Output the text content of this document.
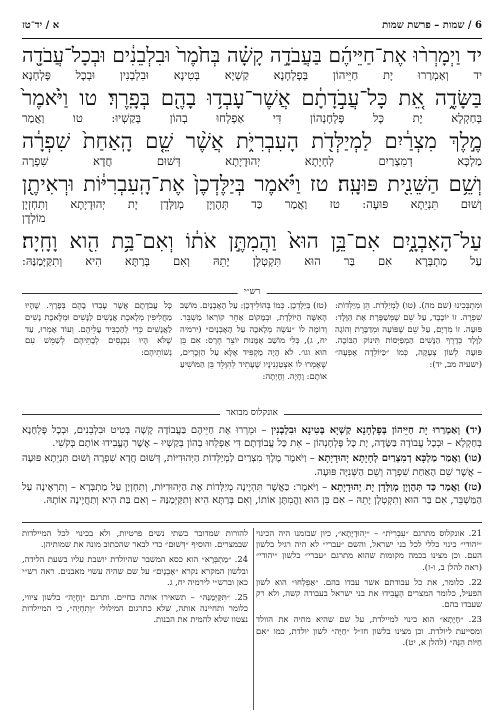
6 / שמות – פרשת שמות
א / יד־טז

יד וַיְמָרְר֨וּ אֶת־חַיֵּיהֶ֜ם בַּעֲבֹדָ֣ה קָשָׁ֗ה בְּחֹ֙מֶר֙ וּבִלְבֵנִ֔ים וּבְכָל־עֲבֹדָ֖ה

יד וְאַמְרַרוּ יָת חַיֵּיהוֹן בְּפָלְחָנָא קַשְׁיָא בְּטִינָא וּבִלְבְנִין וּבְכָל פָּלְחָנָא

בַּשָּׂדֶ֑ה אֵ֚ת כָּל־עֲבֹ֣דָתָ֔ם אֲשֶׁר־עָבְד֥וּ בָהֶ֖ם בְּפָֽרֶךְ׃ טו וַיֹּ֙אמֶר֙

בְּחַקְלָא יָת כָּל פָּלְחָנְהוֹן דִּי אַפְלְחוּ בְהוֹן בְּקַשְׁיוּ: טו וַאֲמַר

מֶ֣לֶךְ מִצְרַ֔יִם לַמְיַלְּדֹ֖ת הָעִבְרִיֹּ֑ת אֲשֶׁ֨ר שֵׁ֤ם הָֽאַחַת֙ שִׁפְרָ֔ה

מַלְכָּא דְמִצְרַיִם לְחָיָתָא יְהוּדָיָתָא דְּשׁוּם חֲדָא שִׁפְרָה

וְשֵׁ֥ם הַשֵּׁנִ֖ית פּוּעָֽה׃ טז וַיֹּ֗אמֶר בְּיַלֶּדְכֶן֙ אֶת־הָֽעִבְרִיּ֔וֹת וּרְאִיתֶ֖ן

וְשׁוּם תִּנְיֵתָא פּוּעָה: טז וַאֲמַר כַּד תְּהֶוְיָן מְוַלְּדָן יָת יְהוּדָיָתָא וְתִחְזְיָן

מוֹלְדָן

עַל־הָאָבְנָ֑יִם אִם־בֵּ֥ן הוּא֙ וַהֲמִתֶּ֣ן אֹת֔וֹ וְאִם־בַּ֥ת הִ֖וא וָחָֽיָה׃

עַל מַתְבְּרָא אִם בַּר הוּא תִּקְטְלָן יָתֵהּ וְאִם בְּרַתָּא הִיא וְתִקַּיְּמַנַּהּ:

רש״י
וּמִתְבְּכִינוּ (שם מה). (טו) לַמְיַלְּדֹת. הֵן מְיַלְּדוֹת: שִׁפְרָה. זוֹ יוֹכֶבֶד, עַל שֵׁם שֶׁמְּשַׁפֶּרֶת אֶת הַוָּלָד: פּוּעָה. זוֹ מִרְיָם, עַל שֵׁם שֶׁפּוֹעָה וּמְדַבֶּרֶת וְהוֹגָה לַוָּלָד כְּדֶרֶךְ הַנָּשִׁים הַמְפַיְּסוֹת תִּינוֹק הַבּוֹכֶה. פּוּעָה לְשׁוֹן צְעָקָה, כְּמוֹ ״כַּיּוֹלֵדָה אֶפְעֶה״ (ישעיה מב, יד):
(טז) בְּיַלֶּדְכֶן. כְּמוֹ בְּהוֹלִידְכֶן: עַל הָאָבְנָיִם. מוֹשַׁב הָאִשָּׁה הַיּוֹלֶדֶת, וּבְמָקוֹם אַחֵר קוֹרְאוֹ מַשְׁבֵּר. וְדוֹמֶה לוֹ ״עֹשֶׂה מְלָאכָה עַל הָאָבְנָיִם״ (ירמיה יח, ג), כְּלִי מוֹשַׁב אֻמָּנוּת יוֹצֵר חֶרֶס: אִם בֵּן הוּא וגו׳. לֹא הָיָה מַקְפִּיד אֶלָּא עַל הַזְּכָרִים, שֶׁאָמְרוּ לוֹ אִצְטַגְנִינָיו שֶׁעָתִיד לְהִוָּלֵד בֵּן הַמּוֹשִׁיעַ אוֹתָם: וָחָיָה. וְחָיְתָה:
כָּל עֲבֹדָתָם אֲשֶׁר עָבְדוּ בָהֶם בְּפָרֶךְ. שֶׁהָיוּ מַחֲלִיפִין מְלֶאכֶת אֲנָשִׁים לַנָּשִׁים וּמְלֶאכֶת נָשִׁים לַאֲנָשִׁים כְּדֵי לְהַכְבִּיד עֲלֵיהֶם. וְעוֹד אָמְרוּ, עַד שֶׁלֹּא הָיוּ נִכְנָסִים לְבָתֵּיהֶם לְשַׁמֵּשׁ עִם נְשׁוֹתֵיהֶם:
אונקלוס מבואר

(יד) וְאַמְרַרוּ יָת חַיֵּיהוֹן בְּפָלְחָנָא קַשְׁיָא בְּטִינָא וּבִלְבְנִין – וּמֵרְרוּ אֶת חַיֵּיהֶם בַּעֲבוֹדָה קָשָׁה בְּטִיט וּבִלְבֵנִים, וּבְכָל פָּלְחָנָא בְּחַקְלָא – וּבְכָל עֲבוֹדָה בַּשָּׂדֶה, יָת כָּל פָּלְחָנְהוֹן – אֵת כָּל עֲבוֹדָתָם דִּי אַפְלְחוּ בְהוֹן בְּקַשְׁיוּ – אֲשֶׁר הֶעֱבִידוּ אוֹתָם בְּקֹשִׁי.

(טו) וַאֲמַר מַלְכָּא דְמִצְרַיִם לְחָיָתָא יְהוּדָיָתָא – וַיֹּאמֶר מֶלֶךְ מִצְרַיִם לַמְיַלְּדוֹת הַיְּהוּדִיּוֹת, דְּשׁוּם חֲדָא שִׁפְרָה וְשׁוּם תִּנְיֵתָא פּוּעָה – אֲשֶׁר שֵׁם הָאַחַת שִׁפְרָה וְשֵׁם הַשְּׁנִיָּה פּוּעָה.

(טז) וַאֲמַר כַּד תְּהֶוְיָן מְוַלְּדָן יָת יְהוּדָיָתָא – וַיֹּאמֶר: כַּאֲשֶׁר תִּהְיֶינָה מְיַלְּדוֹת אֶת הַיְּהוּדִיּוֹת, וְתִחְזְיָן עַל מַתְבְּרָא – וְתִרְאֶינָה עַל הַמַּשְׁבֵּר, אִם בַּר הוּא וְתִקְטְלָן יָתֵהּ – אִם בֵּן הוּא וַהֲמִתֶּן אוֹתוֹ, וְאִם בְּרַתָּא הִיא וְתִקַּיְּמַנַּהּ – וְאִם בַּת הִיא וְתַחֲיֶינָה אוֹתָהּ.

21. אונקלוס מתרגם ״עִבְרִיֹּת״ – ״יְהוּדָיָתָא״, כיון שבזמנו היה הכינוי ״יהודי״ כינוי כללי לכל בני ישראל, והשם ״עברי״ לא היה רגיל בלשון העם. וכן מצינו בכמה מקומות שהוא מתרגם ״עברי״ בלשון ״יהודי״ (ראה להלן ב, ו-ז).

22. כלומר, את כל עבודתם אשר עבדו בהם. ״אַפְלְחוּ״ הוא לשון הפעיל, כלומר המצרים הֶעֱבִידוּ את בני ישראל בעבודה קשה, ולא רק שעבדו בהם.

23. ״חָיָתָא״ הוא כינוי למיילדת, על שם שהיא מחיה את הוולד ומסייעת ליולדת. וכן מצינו בלשון חז״ל ״חַיָּה״ לשון יולדת, כמו ״אִם חַיּוֹת הֵנָּה״ (להלן א, יט).

להורות שמדובר בשתי נשים פרטיות, ולא בכינוי לכל המיילדות שבמצרים. והוסיף ״דְּשׁוּם״ כדי לבאר שהכתוב מונה את שמותיהן.

24. ״מַתְבְּרָא״ הוא כסא המשבר שהיולדת יושבת עליו בשעת הלידה, ובלשון המקרא נקרא ״אָבְנָיִם״ על שם שהיה עשוי מאבנים. ראה רש״י כאן וברש״י לירמיה יח, ג.

25. ״תִּקַּיְּמַנַּהּ״ – תשאירו אותה בחיים. ותרגם ״וָחָיָה״ בלשון ציווי, כלומר ותחיינה אותה, שלא כתרגום המילולי ״וְתִחְיֶה״, כי המיילדות נצטוו שלא להמית את הבנות.
